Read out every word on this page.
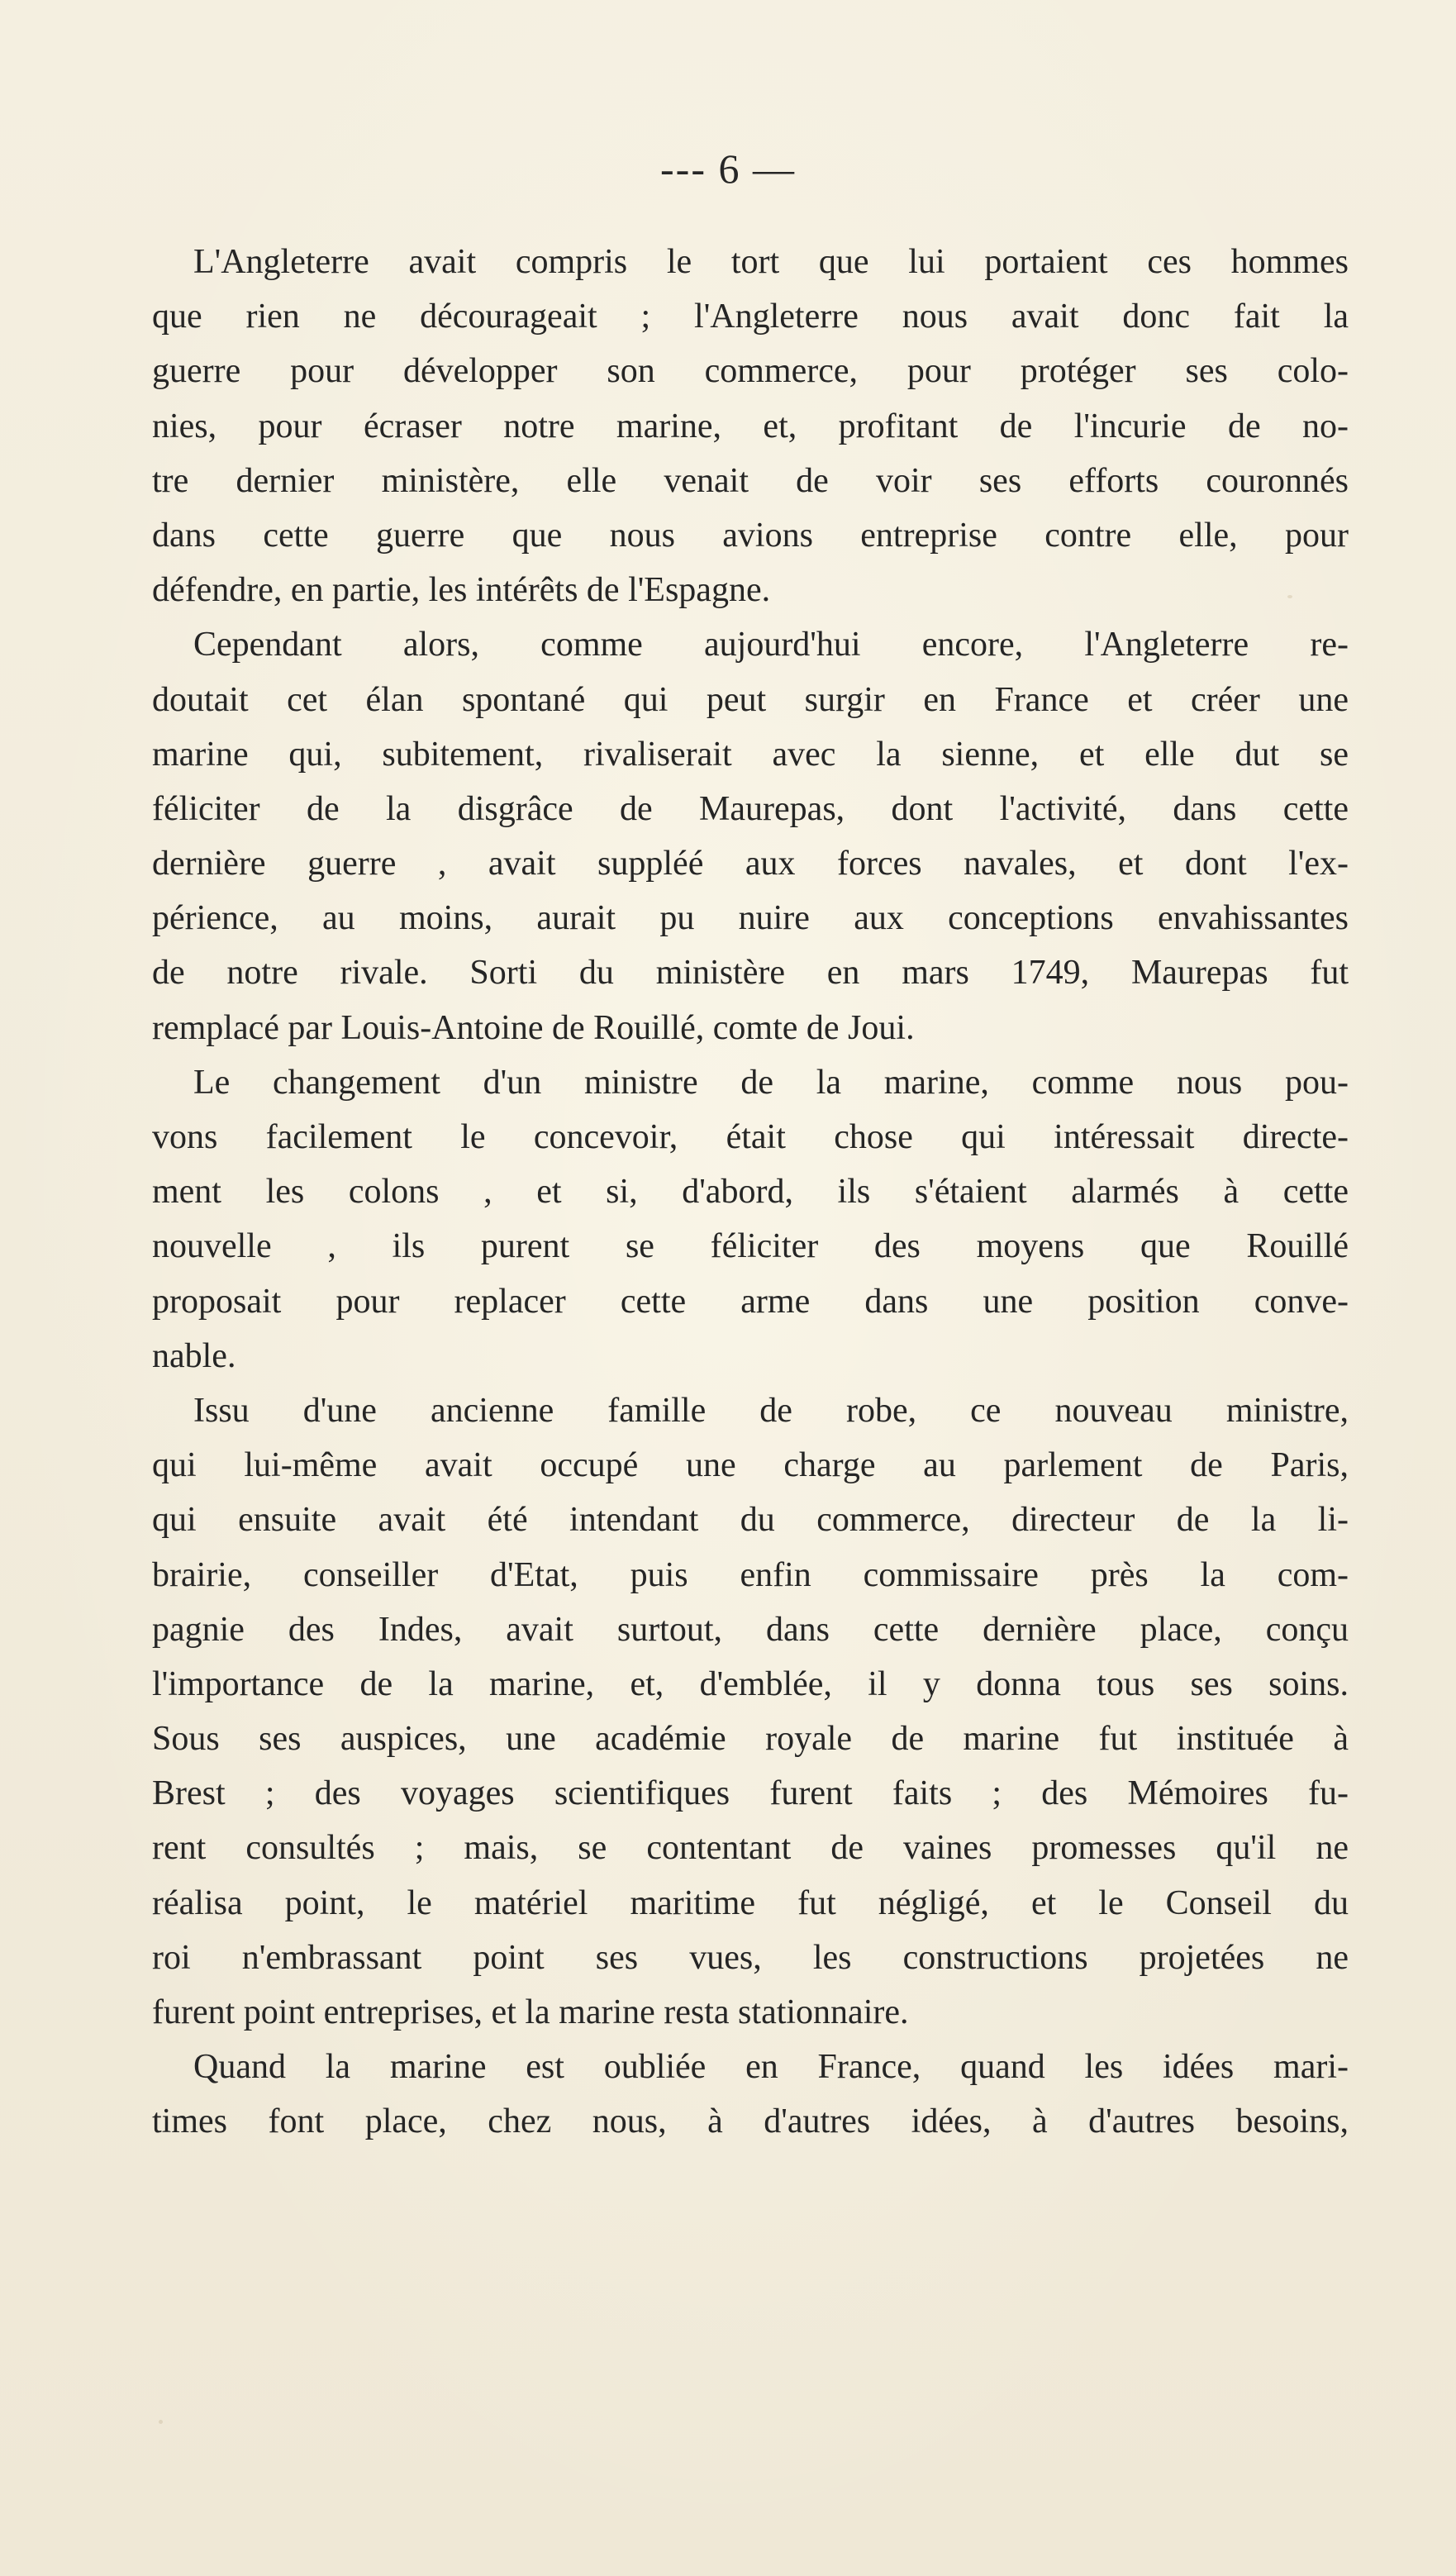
--- 6 —
L'Angleterre avait compris le tort que lui portaient ces hommes
que rien ne décourageait ; l'Angleterre nous avait donc fait la
guerre pour développer son commerce, pour protéger ses colo-
nies, pour écraser notre marine, et, profitant de l'incurie de no-
tre dernier ministère, elle venait de voir ses efforts couronnés
dans cette guerre que nous avions entreprise contre elle, pour
défendre, en partie, les intérêts de l'Espagne.
Cependant alors, comme aujourd'hui encore, l'Angleterre re-
doutait cet élan spontané qui peut surgir en France et créer une
marine qui, subitement, rivaliserait avec la sienne, et elle dut se
féliciter de la disgrâce de Maurepas, dont l'activité, dans cette
dernière guerre , avait suppléé aux forces navales, et dont l'ex-
périence, au moins, aurait pu nuire aux conceptions envahissantes
de notre rivale. Sorti du ministère en mars 1749, Maurepas fut
remplacé par Louis-Antoine de Rouillé, comte de Joui.
Le changement d'un ministre de la marine, comme nous pou-
vons facilement le concevoir, était chose qui intéressait directe-
ment les colons , et si, d'abord, ils s'étaient alarmés à cette
nouvelle , ils purent se féliciter des moyens que Rouillé
proposait pour replacer cette arme dans une position conve-
nable.
Issu d'une ancienne famille de robe, ce nouveau ministre,
qui lui-même avait occupé une charge au parlement de Paris,
qui ensuite avait été intendant du commerce, directeur de la li-
brairie, conseiller d'Etat, puis enfin commissaire près la com-
pagnie des Indes, avait surtout, dans cette dernière place, conçu
l'importance de la marine, et, d'emblée, il y donna tous ses soins.
Sous ses auspices, une académie royale de marine fut instituée à
Brest ; des voyages scientifiques furent faits ; des Mémoires fu-
rent consultés ; mais, se contentant de vaines promesses qu'il ne
réalisa point, le matériel maritime fut négligé, et le Conseil du
roi n'embrassant point ses vues, les constructions projetées ne
furent point entreprises, et la marine resta stationnaire.
Quand la marine est oubliée en France, quand les idées mari-
times font place, chez nous, à d'autres idées, à d'autres besoins,
